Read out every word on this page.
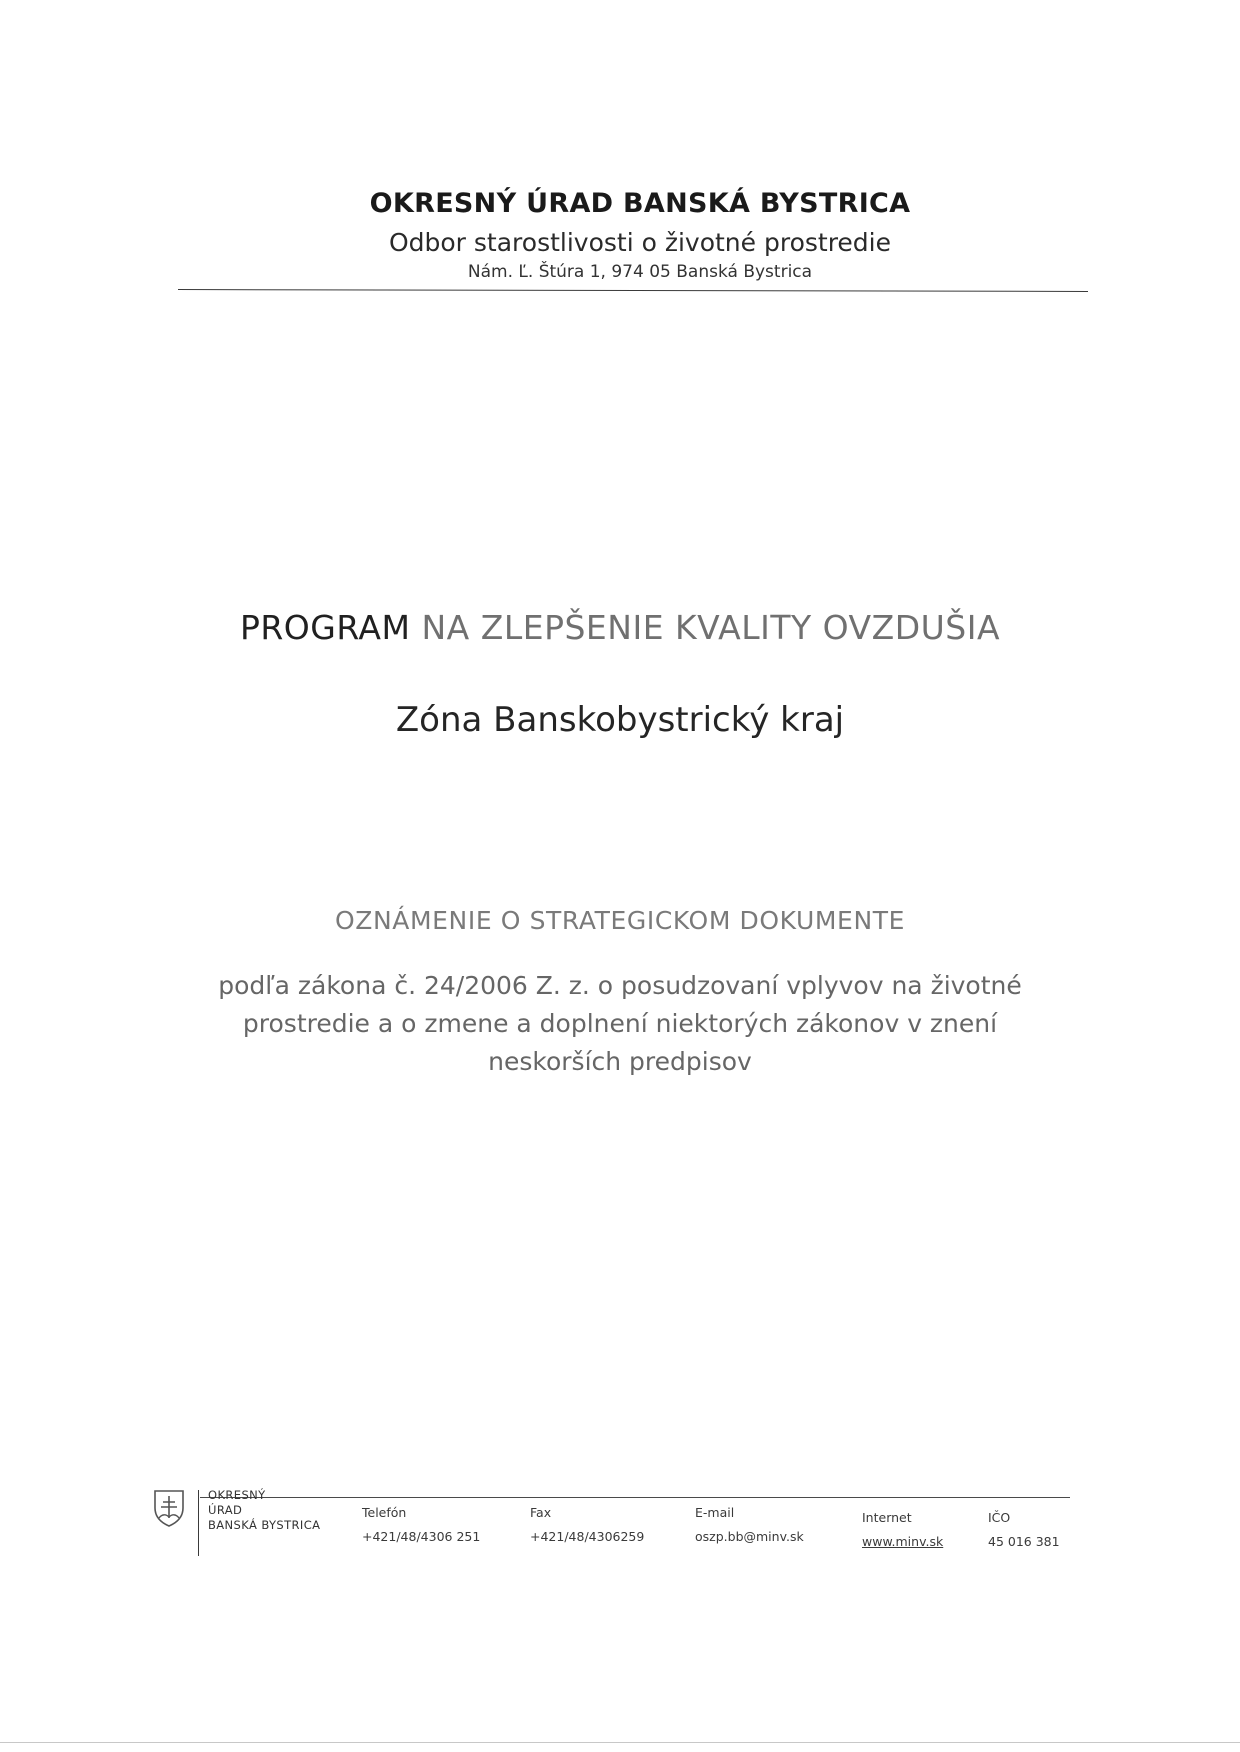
OKRESNÝ ÚRAD BANSKÁ BYSTRICA
Odbor starostlivosti o životné prostredie
Nám. Ľ. Štúra 1, 974 05 Banská Bystrica
PROGRAM NA ZLEPŠENIE KVALITY OVZDUŠIA
Zóna Banskobystrický kraj
OZNÁMENIE O STRATEGICKOM DOKUMENTE
podľa zákona č. 24/2006 Z. z. o posudzovaní vplyvov na životné
prostredie a o zmene a doplnení niektorých zákonov v znení
neskorších predpisov
OKRESNÝ
ÚRAD
BANSKÁ BYSTRICA
Telefón
+421/48/4306 251
Fax
+421/48/4306259
E-mail
oszp.bb@minv.sk
Internet
www.minv.sk
IČO
45 016 381
